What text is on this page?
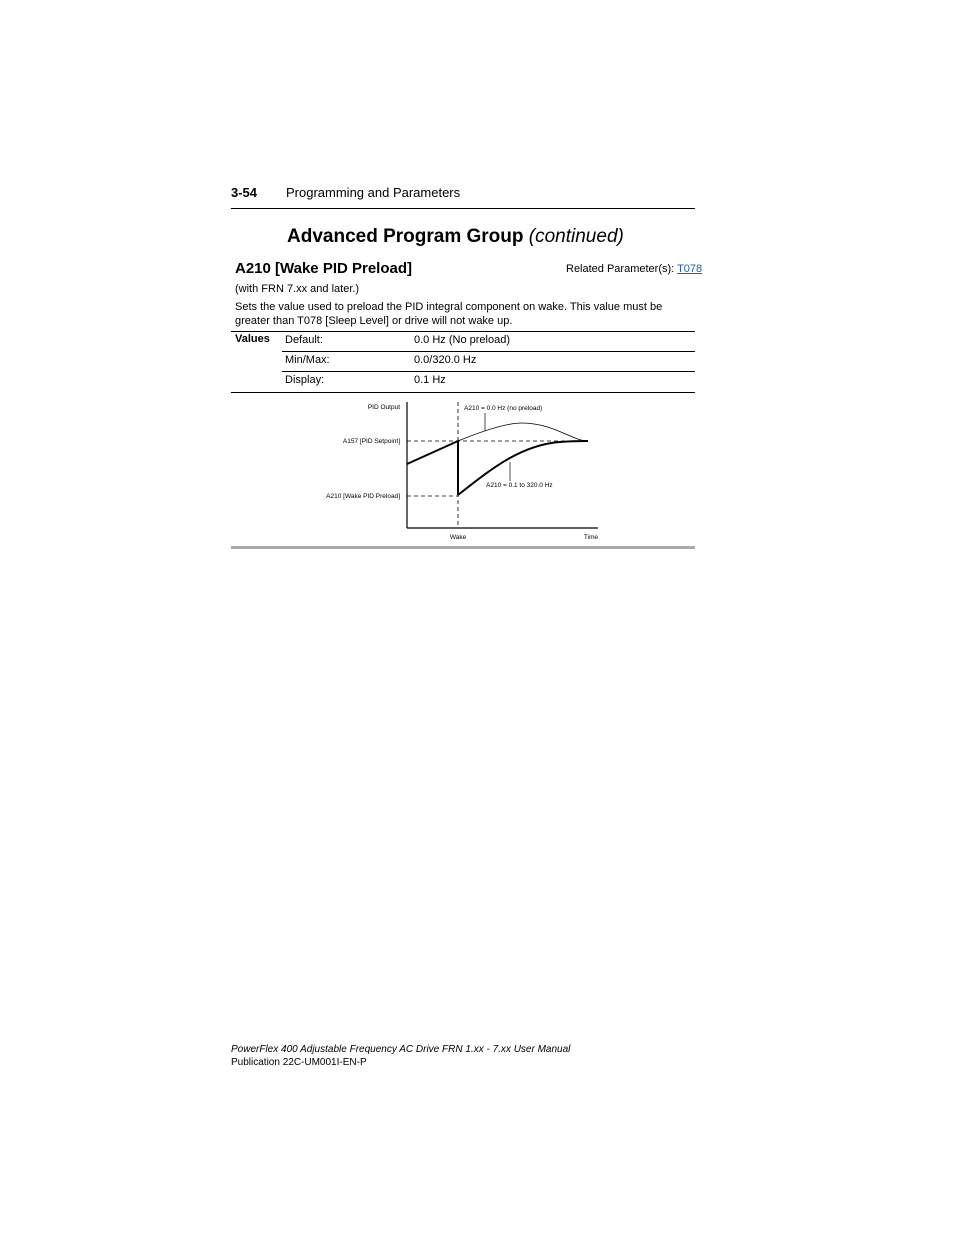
3-54 Programming and Parameters
Advanced Program Group (continued)
A210 [Wake PID Preload]	Related Parameter(s): T078
(with FRN 7.xx and later.)
Sets the value used to preload the PID integral component on wake. This value must be greater than T078 [Sleep Level] or drive will not wake up.
Values Default:	0.0 Hz (No preload)
Min/Max:	0.0/320.0 Hz
Display:	0.1 Hz
PID Output
A157 [PID Setpoint]
A210 [Wake PID Preload]
A210 = 0.0 Hz (no preload)
A210 = 0.1 to 320.0 Hz
Wake	Time
PowerFlex 400 Adjustable Frequency AC Drive FRN 1.xx - 7.xx User Manual
Publication 22C-UM001I-EN-P
